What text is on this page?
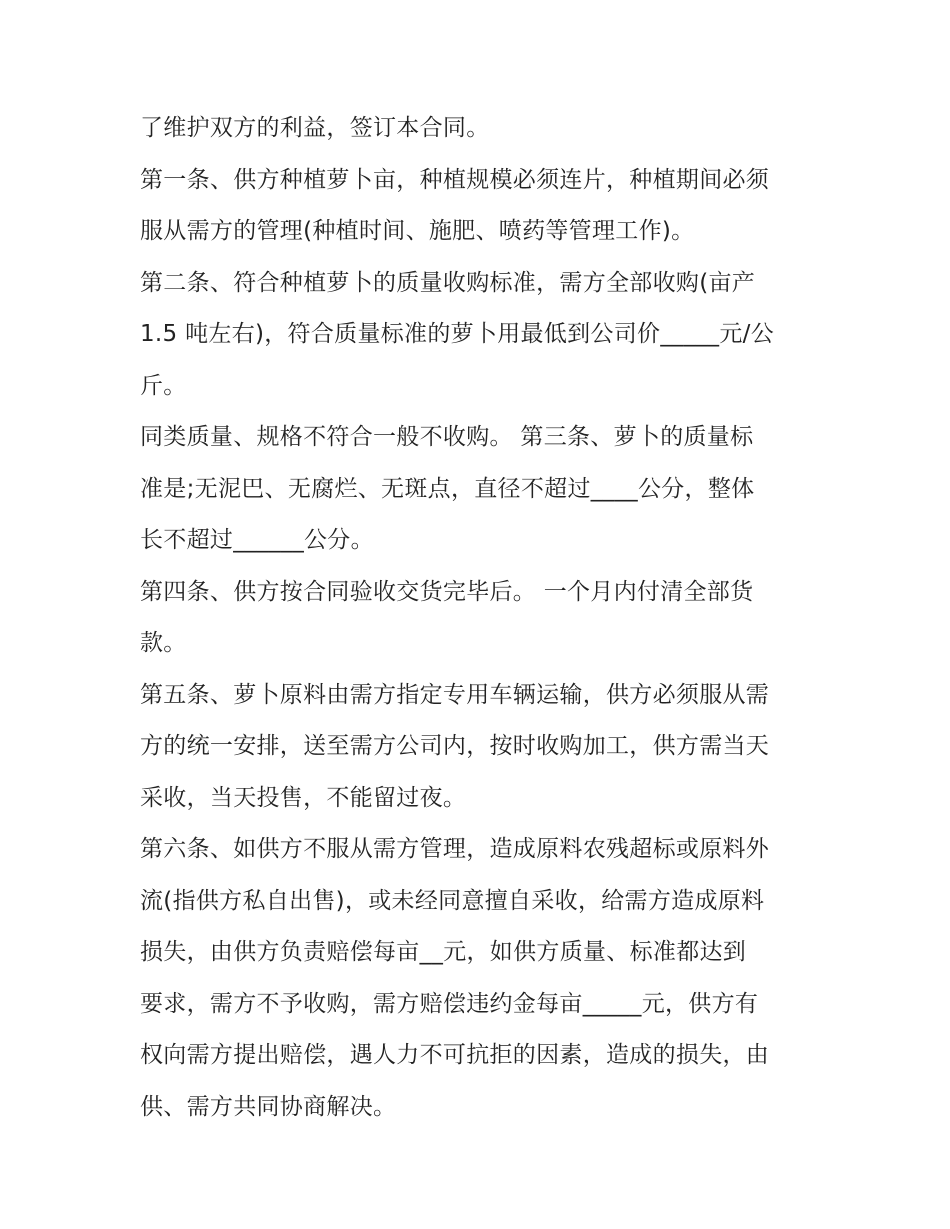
了维护双方的利益，签订本合同。
第一条、供方种植萝卜亩，种植规模必须连片，种植期间必须
服从需方的管理(种植时间、施肥、喷药等管理工作)。
第二条、符合种植萝卜的质量收购标准，需方全部收购(亩产
1.5 吨左右)，符合质量标准的萝卜用最低到公司价_____元/公
斤。
同类质量、规格不符合一般不收购。 第三条、萝卜的质量标
准是;无泥巴、无腐烂、无斑点，直径不超过____公分，整体
长不超过______公分。
第四条、供方按合同验收交货完毕后。 一个月内付清全部货
款。
第五条、萝卜原料由需方指定专用车辆运输，供方必须服从需
方的统一安排，送至需方公司内，按时收购加工，供方需当天
采收，当天投售，不能留过夜。
第六条、如供方不服从需方管理，造成原料农残超标或原料外
流(指供方私自出售)，或未经同意擅自采收，给需方造成原料
损失，由供方负责赔偿每亩__元，如供方质量、标准都达到
要求，需方不予收购，需方赔偿违约金每亩_____元，供方有
权向需方提出赔偿，遇人力不可抗拒的因素，造成的损失，由
供、需方共同协商解决。
